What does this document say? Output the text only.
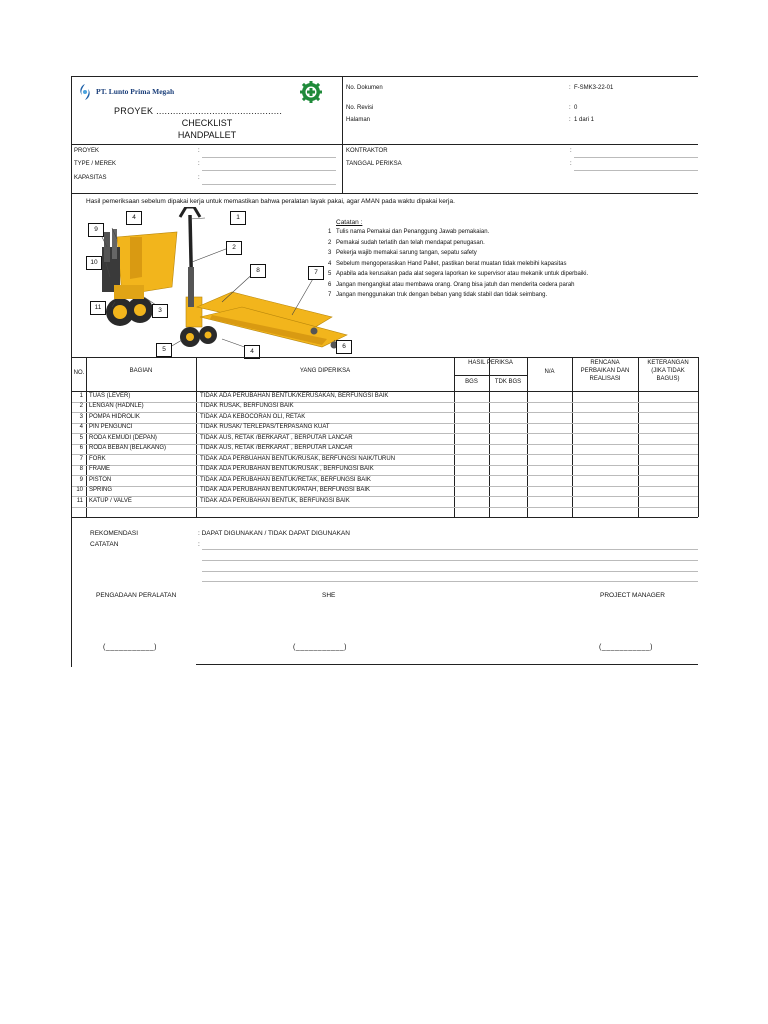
PT. Lunto Prima Megah
PROYEK .............................................
CHECKLIST
HANDPALLET
No. Dokumen	: F-SMK3-22-01
No. Revisi	: 0
Halaman	: 1 dari 1
PROYEK	:
TYPE / MEREK	:
KAPASITAS	:
KONTRAKTOR	:
TANGGAL PERIKSA	:
Hasil pemeriksaan sebelum dipakai kerja untuk memastikan bahwa peralatan layak pakai, agar AMAN pada waktu dipakai kerja.
4	1
9
2
10
8	7
11	3
6
5	4
Catatan :
1 Tulis nama Pemakai dan Penanggung Jawab pemakaian.
2 Pemakai sudah terlatih dan telah mendapat penugasan.
3 Pekerja wajib memakai sarung tangan, sepatu safety
4 Sebelum mengoperasikan Hand Pallet, pastikan berat muatan tidak melebihi kapasitas
5 Apabila ada kerusakan pada alat segera laporkan ke supervisor atau mekanik untuk diperbaiki.
6 Jangan mengangkat atau membawa orang. Orang bisa jatuh dan menderita cedera parah
7 Jangan menggunakan truk dengan beban yang tidak stabil dan tidak seimbang.
NO.	BAGIAN	YANG DIPERIKSA
HASIL PERIKSA
BGS	TDK BGS
N/A
RENCANA
PERBAIKAN DAN
REALISASI
KETERANGAN
(JIKA TIDAK
BAGUS)
1 TUAS (LEVER)	TIDAK ADA PERUBAHAN BENTUK/KERUSAKAN, BERFUNGSI BAIK
2 LENGAN (HADNLE)	TIDAK RUSAK, BERFUNGSI BAIK
3 POMPA HIDROLIK	TIDAK ADA KEBOCORAN OLI, RETAK
4 PIN PENGUNCI	TIDAK RUSAK/ TERLEPAS/TERPASANG KUAT
5 RODA KEMUDI (DEPAN)	TIDAK AUS, RETAK /BERKARAT , BERPUTAR LANCAR
6 RODA BEBAN (BELAKANG)	TIDAK AUS, RETAK /BERKARAT , BERPUTAR LANCAR
7 FORK	TIDAK ADA PERBUAHAN BENTUK/RUSAK, BERFUNGSI NAIK/TURUN
8 FRAME	TIDAK ADA PERUBAHAN BENTUK/RUSAK , BERFUNGSI BAIK
9 PISTON	TIDAK ADA PERUBAHAN BENTUK/RETAK, BERFUNGSI BAIK
10 SPRING	TIDAK ADA PERUBAHAN BENTUK/PATAH, BERFUNGSI BAIK
11 KATUP / VALVE	TIDAK ADA PERUBAHAN BENTUK, BERFUNGSI BAIK
REKOMENDASI	: DAPAT DIGUNAKAN / TIDAK DAPAT DIGUNAKAN
CATATAN	:
PENGADAAN PERALATAN	SHE	PROJECT MANAGER
(___________)	(___________)	(___________)
